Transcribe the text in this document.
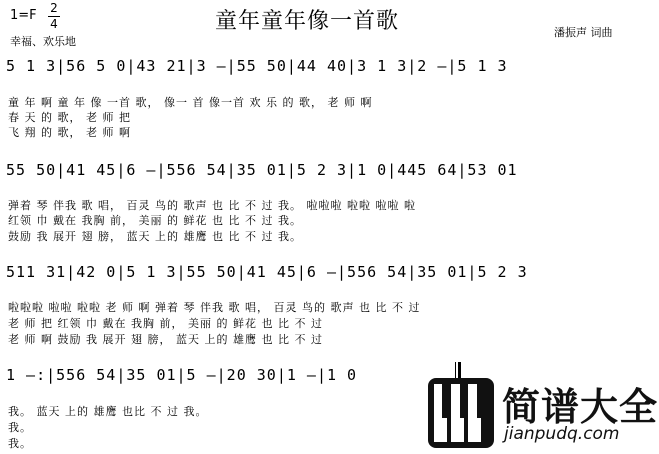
1=F 2
4	童年童年像一首歌
幸福、欢乐地
潘振声 词曲
5 1 3|56 5 0|43 21|3 –|55 50|44 40|3 1 3|2 –|5 1 3
童 年 啊 童 年 像 一首 歌， 像一 首 像一首 欢 乐 的 歌， 老 师 啊
春 天 的 歌， 老 师 把
飞 翔 的 歌， 老 师 啊
55 50|41 45|6 –|556 54|35 01|5 2 3|1 0|445 64|53 01
弹着 琴 伴我 歌 唱， 百灵 鸟的 歌声 也 比 不 过 我。 啦啦啦 啦啦 啦啦 啦
红领 巾 戴在 我胸 前， 美丽 的 鲜花 也 比 不 过 我。
鼓励 我 展开 翅 膀， 蓝天 上的 雄鹰 也 比 不 过 我。
511 31|42 0|5 1 3|55 50|41 45|6 –|556 54|35 01|5 2 3
啦啦啦 啦啦 啦啦 老 师 啊 弹着 琴 伴我 歌 唱， 百灵 鸟的 歌声 也 比 不 过
老 师 把 红领 巾 戴在 我胸 前， 美丽 的 鲜花 也 比 不 过
老 师 啊 鼓励 我 展开 翅 膀， 蓝天 上的 雄鹰 也 比 不 过
1 –:|556 54|35 01|5 –|20 30|1 –|1 0
我。 蓝天 上的 雄鹰 也比 不 过 我。
我。
我。
简谱大全
jianpudq.com
